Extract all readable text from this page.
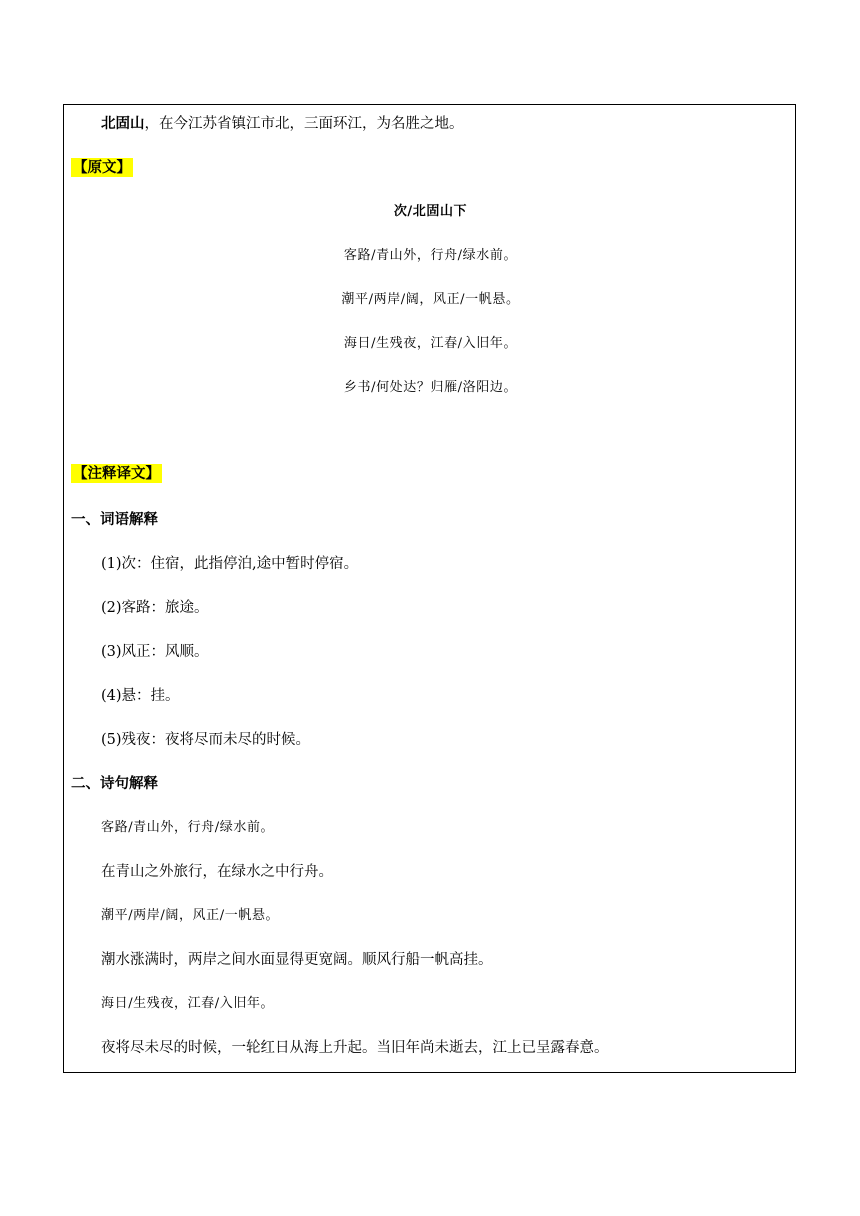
北固山，在今江苏省镇江市北，三面环江，为名胜之地。
【原文】
次/北固山下
客路/青山外，行舟/绿水前。
潮平/两岸/阔，风正/一帆悬。
海日/生残夜，江春/入旧年。
乡书/何处达？归雁/洛阳边。
【注释译文】
一、词语解释
(1)次：住宿，此指停泊,途中暂时停宿。
(2)客路：旅途。
(3)风正：风顺。
(4)悬：挂。
(5)残夜：夜将尽而未尽的时候。
二、诗句解释
客路/青山外，行舟/绿水前。
在青山之外旅行，在绿水之中行舟。
潮平/两岸/阔，风正/一帆悬。
潮水涨满时，两岸之间水面显得更宽阔。顺风行船一帆高挂。
海日/生残夜，江春/入旧年。
夜将尽未尽的时候，一轮红日从海上升起。当旧年尚未逝去，江上已呈露春意。
